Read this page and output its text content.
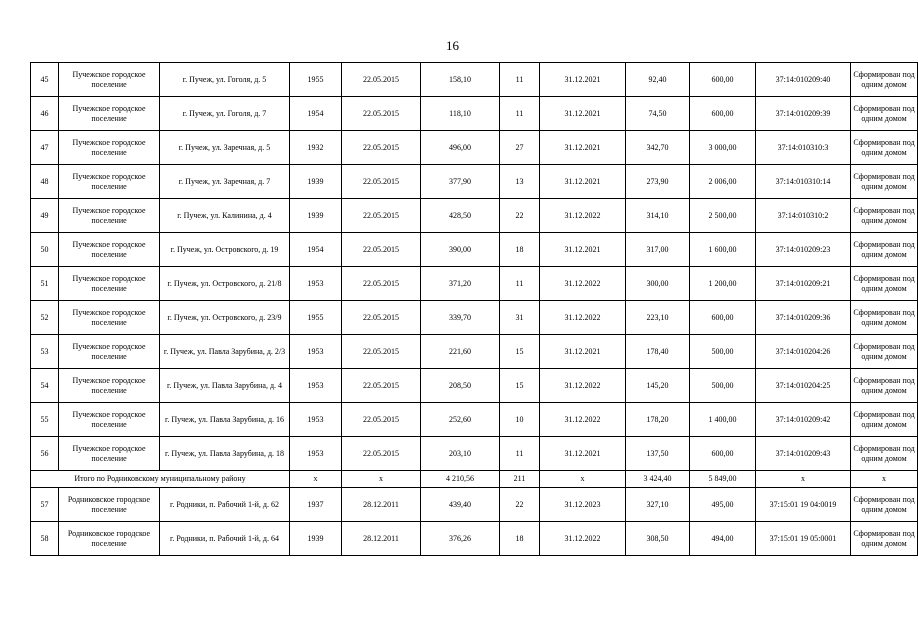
16
45	Пучежское городское поселение	г. Пучеж, ул. Гоголя, д. 5	1955	22.05.2015	158,10	11	31.12.2021	92,40	600,00	37:14:010209:40	Сформирован под одним домом
46	Пучежское городское поселение	г. Пучеж, ул. Гоголя, д. 7	1954	22.05.2015	118,10	11	31.12.2021	74,50	600,00	37:14:010209:39	Сформирован под одним домом
47	Пучежское городское поселение	г. Пучеж, ул. Заречная, д. 5	1932	22.05.2015	496,00	27	31.12.2021	342,70	3 000,00	37:14:010310:3	Сформирован под одним домом
48	Пучежское городское поселение	г. Пучеж, ул. Заречная, д. 7	1939	22.05.2015	377,90	13	31.12.2021	273,90	2 006,00	37:14:010310:14	Сформирован под одним домом
49	Пучежское городское поселение	г. Пучеж, ул. Калинина, д. 4	1939	22.05.2015	428,50	22	31.12.2022	314,10	2 500,00	37:14:010310:2	Сформирован под одним домом
50	Пучежское городское поселение	г. Пучеж, ул. Островского, д. 19	1954	22.05.2015	390,00	18	31.12.2021	317,00	1 600,00	37:14:010209:23	Сформирован под одним домом
51	Пучежское городское поселение	г. Пучеж, ул. Островского, д. 21/8	1953	22.05.2015	371,20	11	31.12.2022	300,00	1 200,00	37:14:010209:21	Сформирован под одним домом
52	Пучежское городское поселение	г. Пучеж, ул. Островского, д. 23/9	1955	22.05.2015	339,70	31	31.12.2022	223,10	600,00	37:14:010209:36	Сформирован под одним домом
53	Пучежское городское поселение	г. Пучеж, ул. Павла Зарубина, д. 2/3	1953	22.05.2015	221,60	15	31.12.2021	178,40	500,00	37:14:010204:26	Сформирован под одним домом
54	Пучежское городское поселение	г. Пучеж, ул. Павла Зарубина, д. 4	1953	22.05.2015	208,50	15	31.12.2022	145,20	500,00	37:14:010204:25	Сформирован под одним домом
55	Пучежское городское поселение	г. Пучеж, ул. Павла Зарубина, д. 16	1953	22.05.2015	252,60	10	31.12.2022	178,20	1 400,00	37:14:010209:42	Сформирован под одним домом
56	Пучежское городское поселение	г. Пучеж, ул. Павла Зарубина, д. 18	1953	22.05.2015	203,10	11	31.12.2021	137,50	600,00	37:14:010209:43	Сформирован под одним домом
Итого по Родниковскому муниципальному району			х	х	4 210,56	211	х	3 424,40	5 849,00	х	х
57	Родниковское городское поселение	г. Родники, п. Рабочий 1-й, д. 62	1937	28.12.2011	439,40	22	31.12.2023	327,10	495,00	37:15:01 19 04:0019	Сформирован под одним домом
58	Родниковское городское поселение	г. Родники, п. Рабочий 1-й, д. 64	1939	28.12.2011	376,26	18	31.12.2022	308,50	494,00	37:15:01 19 05:0001	Сформирован под одним домом
